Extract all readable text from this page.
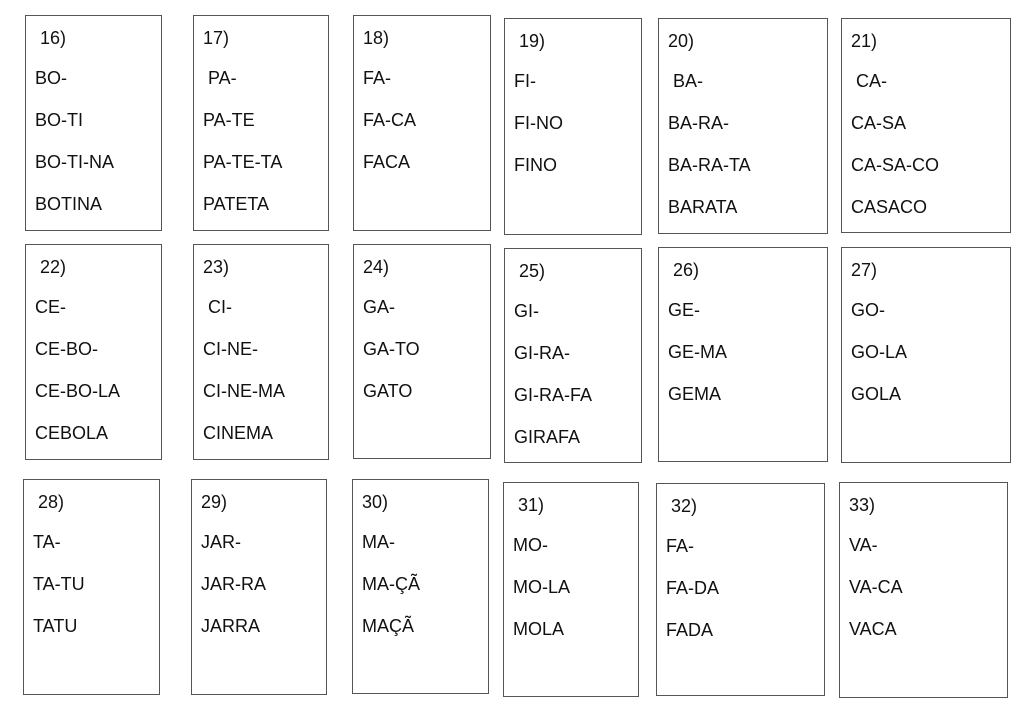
16)
BO-
BO-TI
BO-TI-NA
BOTINA
17)
PA-
PA-TE
PA-TE-TA
PATETA
18)
FA-
FA-CA
FACA
19)
FI-
FI-NO
FINO
20)
BA-
BA-RA-
BA-RA-TA
BARATA
21)
CA-
CA-SA
CA-SA-CO
CASACO
22)
CE-
CE-BO-
CE-BO-LA
CEBOLA
23)
CI-
CI-NE-
CI-NE-MA
CINEMA
24)
GA-
GA-TO
GATO
25)
GI-
GI-RA-
GI-RA-FA
GIRAFA
26)
GE-
GE-MA
GEMA
27)
GO-
GO-LA
GOLA
28)
TA-
TA-TU
TATU
29)
JAR-
JAR-RA
JARRA
30)
MA-
MA-ÇÃ
MAÇÃ
31)
MO-
MO-LA
MOLA
32)
FA-
FA-DA
FADA
33)
VA-
VA-CA
VACA
